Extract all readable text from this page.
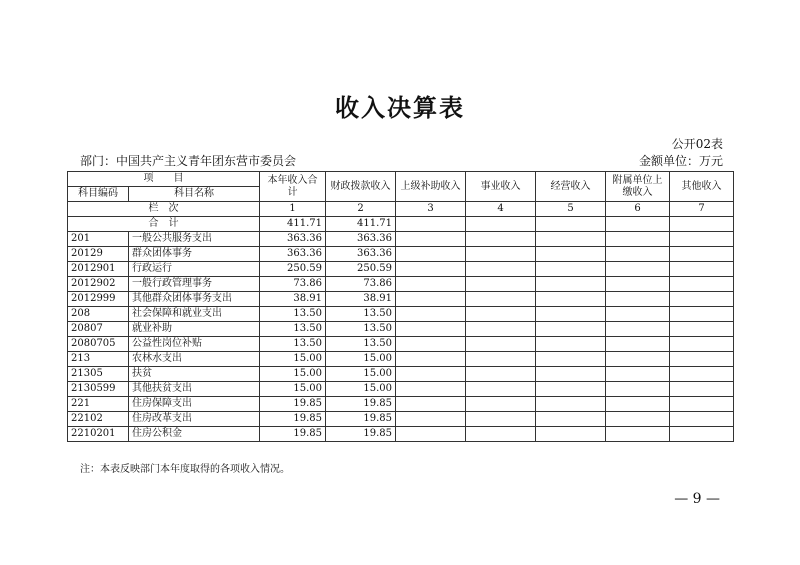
收入决算表
公开02表
部门：中国共产主义青年团东营市委员会	金额单位：万元
项　　目		本年收入合计	财政拨款收入	上级补助收入	事业收入	经营收入	附属单位上缴收入	其他收入
科目编码	科目名称							
栏　次		1	2	3	4	5	6	7
合　计		411.71	411.71					
201	一般公共服务支出	363.36	363.36					
20129	群众团体事务	363.36	363.36					
2012901	行政运行	250.59	250.59					
2012902	一般行政管理事务	73.86	73.86					
2012999	其他群众团体事务支出	38.91	38.91					
208	社会保障和就业支出	13.50	13.50					
20807	就业补助	13.50	13.50					
2080705	公益性岗位补贴	13.50	13.50					
213	农林水支出	15.00	15.00					
21305	扶贫	15.00	15.00					
2130599	其他扶贫支出	15.00	15.00					
221	住房保障支出	19.85	19.85					
22102	住房改革支出	19.85	19.85					
2210201	住房公积金	19.85	19.85					
注：本表反映部门本年度取得的各项收入情况。
— 9 —
